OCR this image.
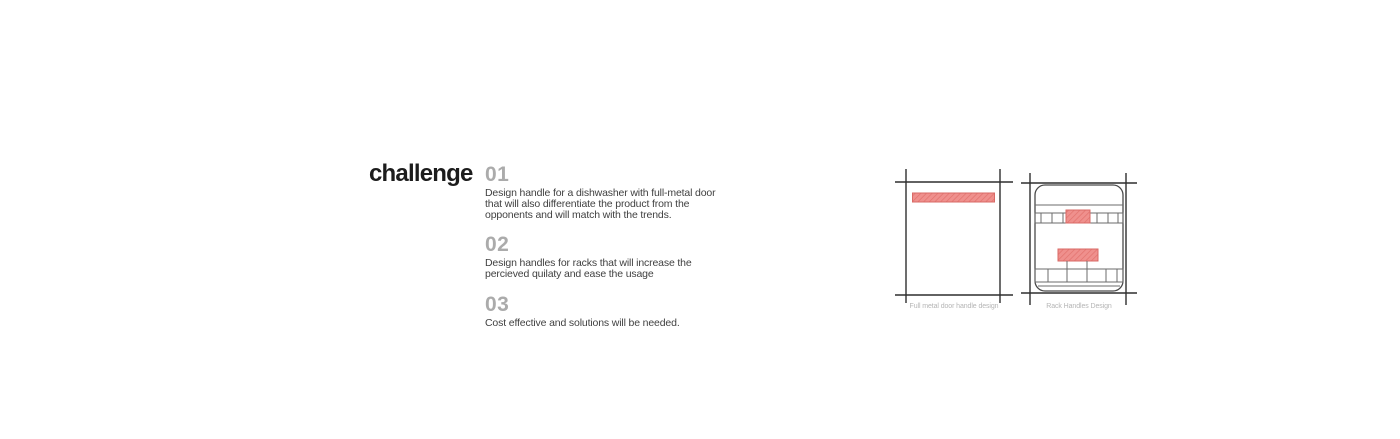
challenge 01

Design handle for a dishwasher with full-metal door that will also differentiate the product from the opponents and will match with the trends.

02

Design handles for racks that will increase the percieved quilaty and ease the usage

03

Cost effective and solutions will be needed.

Full metal door handle design	Rack Handles Design
